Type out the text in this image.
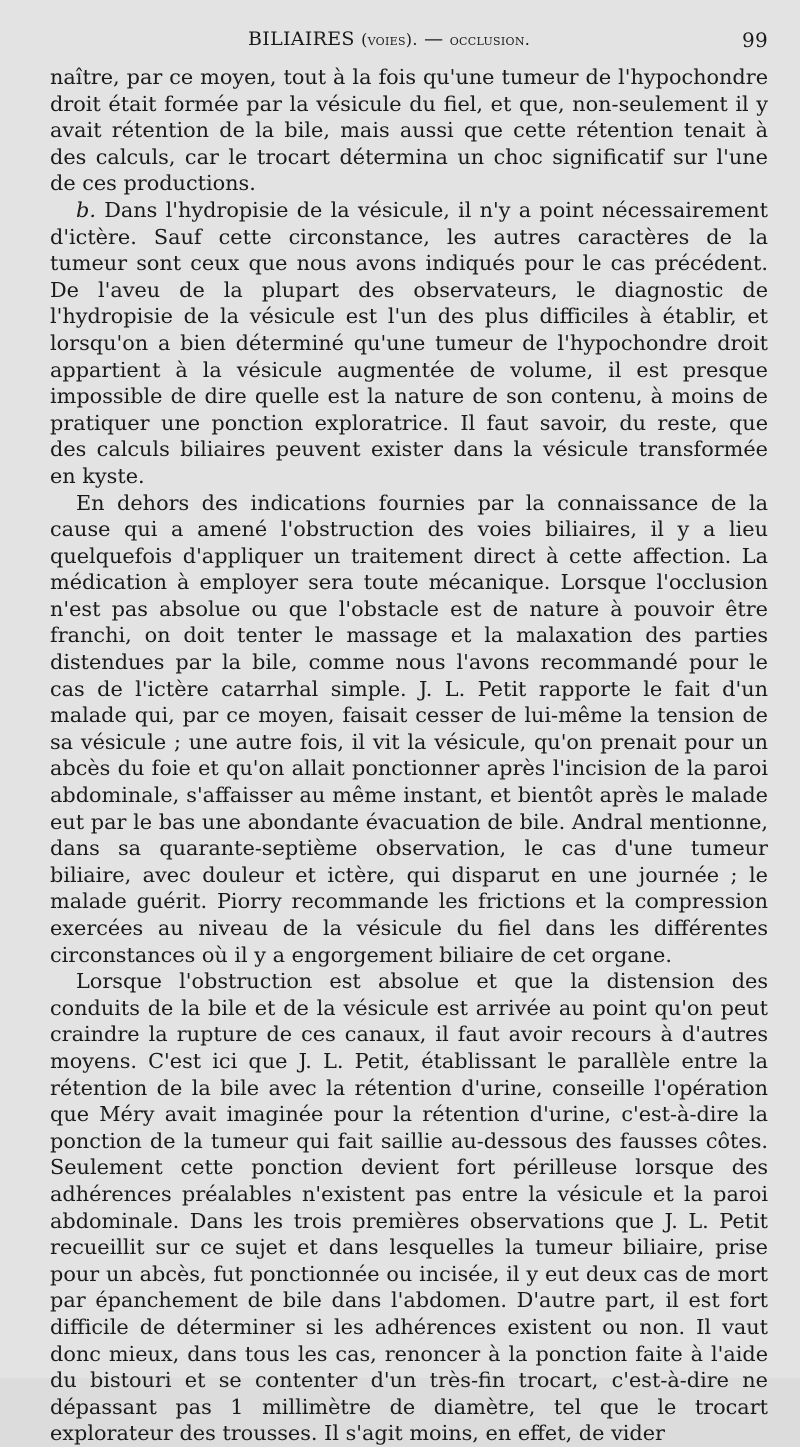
BILIAIRES (voies). — occlusion.	99

naître, par ce moyen, tout à la fois qu'une tumeur de l'hypochondre droit était formée par la vésicule du fiel, et que, non-seulement il y avait rétention de la bile, mais aussi que cette rétention tenait à des calculs, car le trocart détermina un choc significatif sur l'une de ces productions.

b. Dans l'hydropisie de la vésicule, il n'y a point nécessairement d'ictère. Sauf cette circonstance, les autres caractères de la tumeur sont ceux que nous avons indiqués pour le cas précédent. De l'aveu de la plupart des observateurs, le diagnostic de l'hydropisie de la vésicule est l'un des plus difficiles à établir, et lorsqu'on a bien déterminé qu'une tumeur de l'hypochondre droit appartient à la vésicule augmentée de volume, il est presque impossible de dire quelle est la nature de son contenu, à moins de pratiquer une ponction exploratrice. Il faut savoir, du reste, que des calculs biliaires peuvent exister dans la vésicule transformée en kyste.

En dehors des indications fournies par la connaissance de la cause qui a amené l'obstruction des voies biliaires, il y a lieu quelquefois d'appliquer un traitement direct à cette affection. La médication à employer sera toute mécanique. Lorsque l'occlusion n'est pas absolue ou que l'obstacle est de nature à pouvoir être franchi, on doit tenter le massage et la malaxation des parties distendues par la bile, comme nous l'avons recommandé pour le cas de l'ictère catarrhal simple. J. L. Petit rapporte le fait d'un malade qui, par ce moyen, faisait cesser de lui-même la tension de sa vésicule ; une autre fois, il vit la vésicule, qu'on prenait pour un abcès du foie et qu'on allait ponctionner après l'incision de la paroi abdominale, s'affaisser au même instant, et bientôt après le malade eut par le bas une abondante évacuation de bile. Andral mentionne, dans sa quarante-septième observation, le cas d'une tumeur biliaire, avec douleur et ictère, qui disparut en une journée ; le malade guérit. Piorry recommande les frictions et la compression exercées au niveau de la vésicule du fiel dans les différentes circonstances où il y a engorgement biliaire de cet organe.

Lorsque l'obstruction est absolue et que la distension des conduits de la bile et de la vésicule est arrivée au point qu'on peut craindre la rupture de ces canaux, il faut avoir recours à d'autres moyens. C'est ici que J. L. Petit, établissant le parallèle entre la rétention de la bile avec la rétention d'urine, conseille l'opération que Méry avait imaginée pour la rétention d'urine, c'est-à-dire la ponction de la tumeur qui fait saillie au-dessous des fausses côtes. Seulement cette ponction devient fort périlleuse lorsque des adhérences préalables n'existent pas entre la vésicule et la paroi abdominale. Dans les trois premières observations que J. L. Petit recueillit sur ce sujet et dans lesquelles la tumeur biliaire, prise pour un abcès, fut ponctionnée ou incisée, il y eut deux cas de mort par épanchement de bile dans l'abdomen. D'autre part, il est fort difficile de déterminer si les adhérences existent ou non. Il vaut donc mieux, dans tous les cas, renoncer à la ponction faite à l'aide du bistouri et se contenter d'un très-fin trocart, c'est-à-dire ne dépassant pas 1 millimètre de diamètre, tel que le trocart explorateur des trousses. Il s'agit moins, en effet, de vider
